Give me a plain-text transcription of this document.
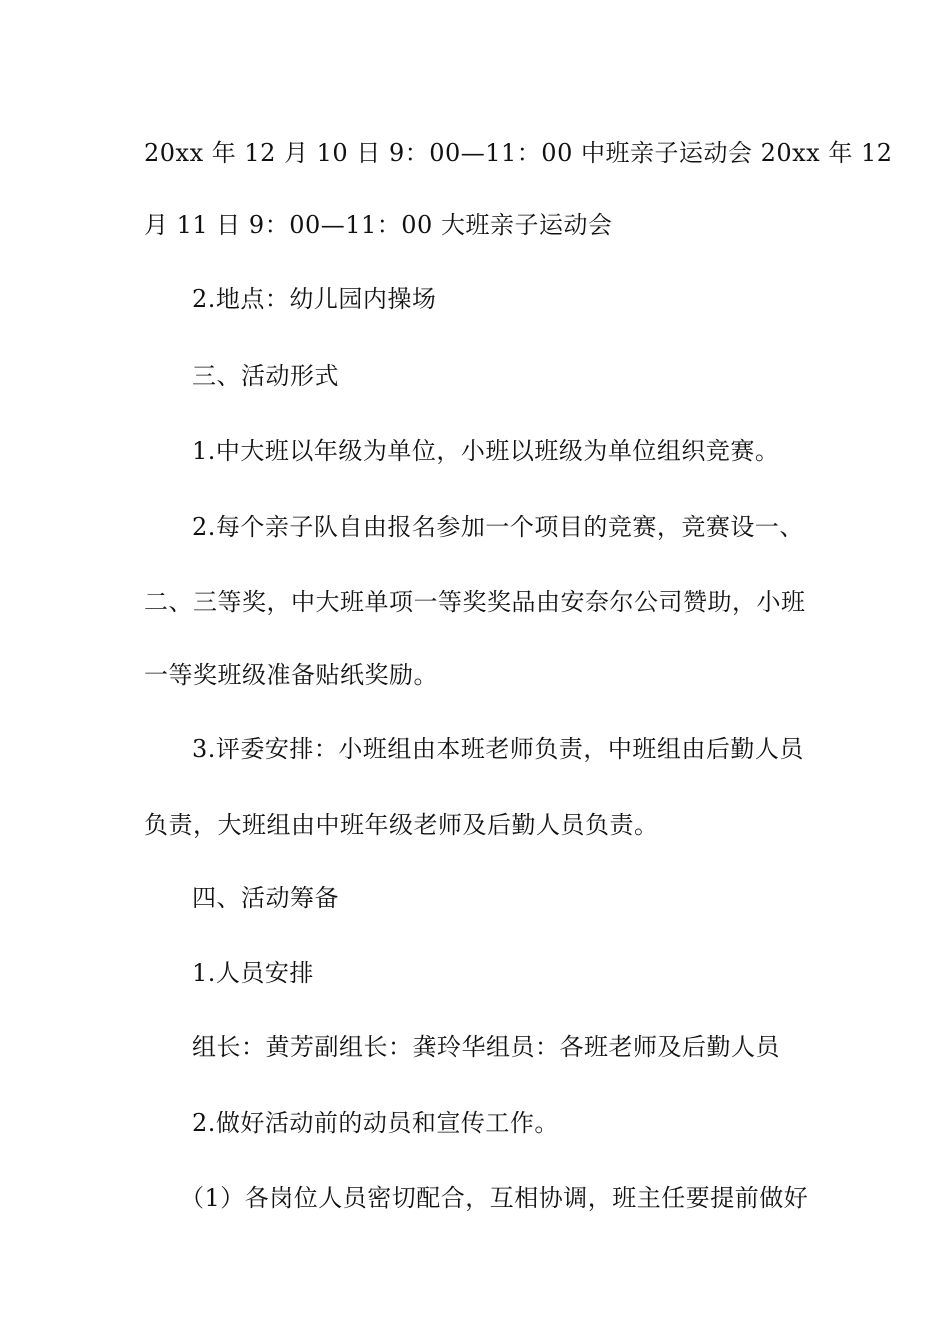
20xx 年 12 月 10 日 9：00—11：00 中班亲子运动会 20xx 年 12
月 11 日 9：00—11：00 大班亲子运动会
2.地点：幼儿园内操场
三、活动形式
1.中大班以年级为单位，小班以班级为单位组织竞赛。
2.每个亲子队自由报名参加一个项目的竞赛，竞赛设一、
二、三等奖，中大班单项一等奖奖品由安奈尔公司赞助，小班
一等奖班级准备贴纸奖励。
3.评委安排：小班组由本班老师负责，中班组由后勤人员
负责，大班组由中班年级老师及后勤人员负责。
四、活动筹备
1.人员安排
组长：黄芳副组长：龚玲华组员：各班老师及后勤人员
2.做好活动前的动员和宣传工作。
（1）各岗位人员密切配合，互相协调，班主任要提前做好
